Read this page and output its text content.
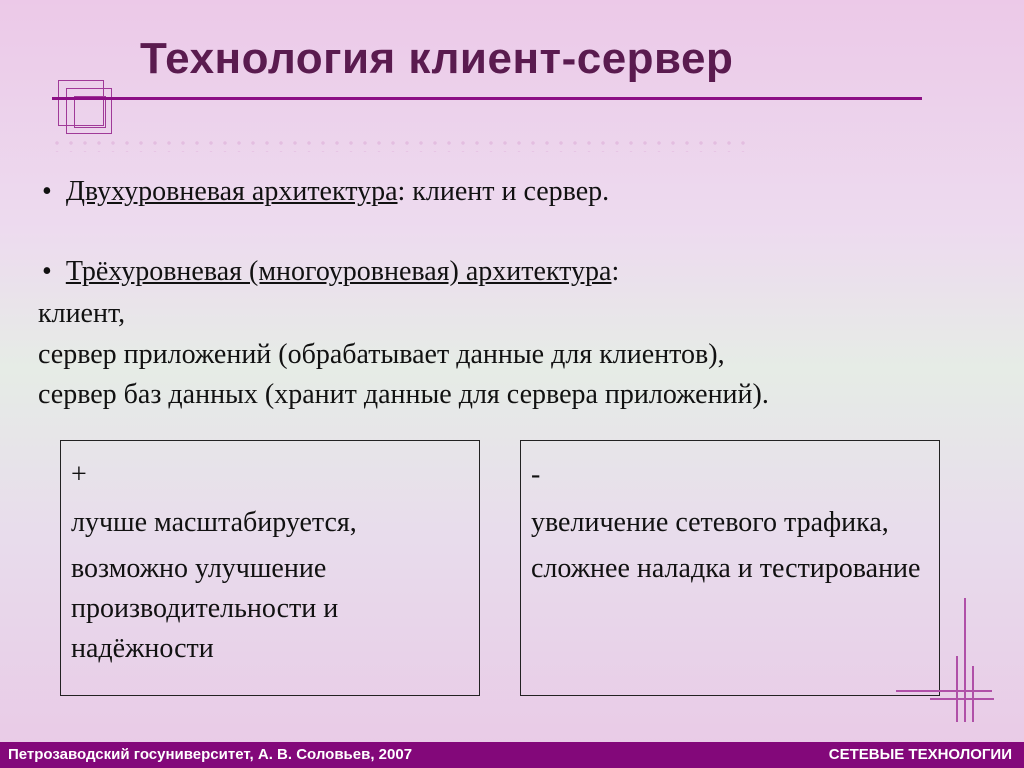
Технология клиент-сервер
• Двухуровневая архитектура: клиент и сервер.
• Трёхуровневая (многоуровневая) архитектура:
клиент,
сервер приложений (обрабатывает данные для клиентов),
сервер баз данных (хранит данные для сервера приложений).
+
лучше масштабируется,
возможно улучшение производительности и надёжности
-
увеличение сетевого трафика,
сложнее наладка и тестирование
Петрозаводский госуниверситет, А. В. Соловьев, 2007	СЕТЕВЫЕ ТЕХНОЛОГИИ
